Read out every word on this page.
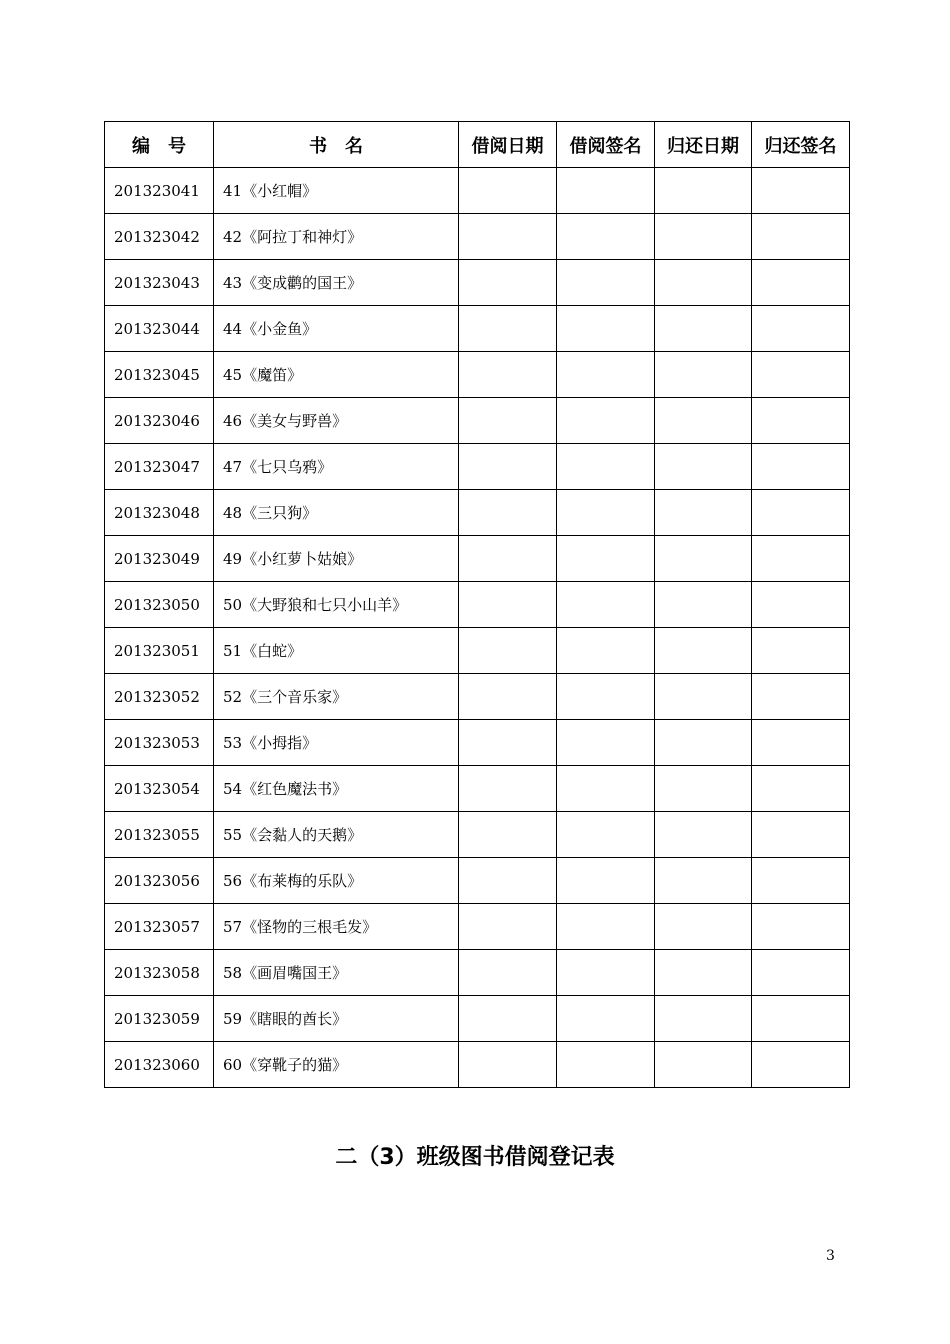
编　号	书　名	借阅日期	借阅签名	归还日期	归还签名
201323041	41《小红帽》				
201323042	42《阿拉丁和神灯》				
201323043	43《变成鹳的国王》				
201323044	44《小金鱼》				
201323045	45《魔笛》				
201323046	46《美女与野兽》				
201323047	47《七只乌鸦》				
201323048	48《三只狗》				
201323049	49《小红萝卜姑娘》				
201323050	50《大野狼和七只小山羊》				
201323051	51《白蛇》				
201323052	52《三个音乐家》				
201323053	53《小拇指》				
201323054	54《红色魔法书》				
201323055	55《会黏人的天鹅》				
201323056	56《布莱梅的乐队》				
201323057	57《怪物的三根毛发》				
201323058	58《画眉嘴国王》				
201323059	59《瞎眼的酋长》				
201323060	60《穿靴子的猫》				
二（3）班级图书借阅登记表
3
